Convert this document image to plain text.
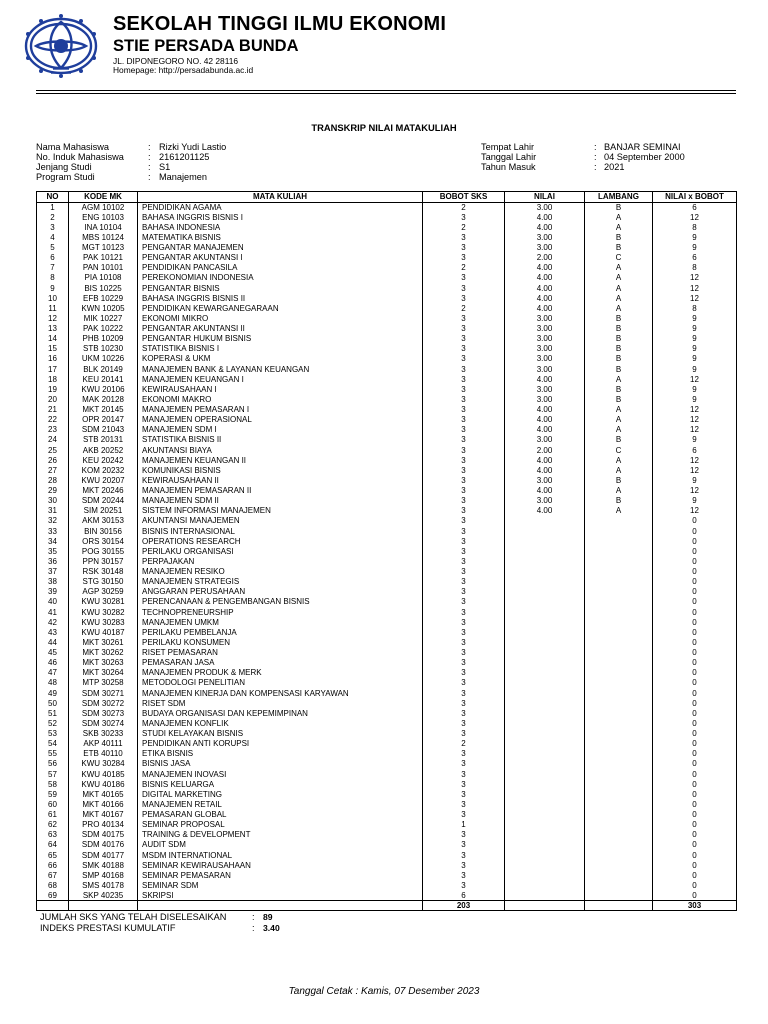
SEKOLAH TINGGI ILMU EKONOMI
STIE PERSADA BUNDA
JL. DIPONEGORO NO. 42 28116
Homepage: http://persadabunda.ac.id
TRANSKRIP NILAI MATAKULIAH
Nama Mahasiswa	: Rizki Yudi Lastio
No. Induk Mahasiswa	: 2161201125
Jenjang Studi	: S1
Program Studi	: Manajemen
Tempat Lahir	: BANJAR SEMINAI
Tanggal Lahir	: 04 September 2000
Tahun Masuk	: 2021
NO	KODE MK	MATA KULIAH	BOBOT SKS	NILAI	LAMBANG	NILAI x BOBOT
1	AGM 10102	PENDIDIKAN AGAMA	2	3.00	B	6
2	ENG 10103	BAHASA INGGRIS BISNIS I	3	4.00	A	12
3	INA 10104	BAHASA INDONESIA	2	4.00	A	8
4	MBS 10124	MATEMATIKA BISNIS	3	3.00	B	9
5	MGT 10123	PENGANTAR MANAJEMEN	3	3.00	B	9
6	PAK 10121	PENGANTAR AKUNTANSI I	3	2.00	C	6
7	PAN 10101	PENDIDIKAN PANCASILA	2	4.00	A	8
8	PIA 10108	PEREKONOMIAN INDONESIA	3	4.00	A	12
9	BIS 10225	PENGANTAR BISNIS	3	4.00	A	12
10	EFB 10229	BAHASA INGGRIS BISNIS II	3	4.00	A	12
11	KWN 10205	PENDIDIKAN KEWARGANEGARAAN	2	4.00	A	8
12	MIK 10227	EKONOMI MIKRO	3	3.00	B	9
13	PAK 10222	PENGANTAR AKUNTANSI II	3	3.00	B	9
14	PHB 10209	PENGANTAR HUKUM BISNIS	3	3.00	B	9
15	STB 10230	STATISTIKA BISNIS I	3	3.00	B	9
16	UKM 10226	KOPERASI & UKM	3	3.00	B	9
17	BLK 20149	MANAJEMEN BANK & LAYANAN KEUANGAN	3	3.00	B	9
18	KEU 20141	MANAJEMEN KEUANGAN I	3	4.00	A	12
19	KWU 20106	KEWIRAUSAHAAN I	3	3.00	B	9
20	MAK 20128	EKONOMI MAKRO	3	3.00	B	9
21	MKT 20145	MANAJEMEN PEMASARAN I	3	4.00	A	12
22	OPR 20147	MANAJEMEN OPERASIONAL	3	4.00	A	12
23	SDM 21043	MANAJEMEN SDM I	3	4.00	A	12
24	STB 20131	STATISTIKA BISNIS II	3	3.00	B	9
25	AKB 20252	AKUNTANSI BIAYA	3	2.00	C	6
26	KEU 20242	MANAJEMEN KEUANGAN II	3	4.00	A	12
27	KOM 20232	KOMUNIKASI BISNIS	3	4.00	A	12
28	KWU 20207	KEWIRAUSAHAAN II	3	3.00	B	9
29	MKT 20246	MANAJEMEN PEMASARAN II	3	4.00	A	12
30	SDM 20244	MANAJEMEN SDM II	3	3.00	B	9
31	SIM 20251	SISTEM INFORMASI MANAJEMEN	3	4.00	A	12
32	AKM 30153	AKUNTANSI MANAJEMEN	3			0
33	BIN 30156	BISNIS INTERNASIONAL	3			0
34	ORS 30154	OPERATIONS RESEARCH	3			0
35	POG 30155	PERILAKU ORGANISASI	3			0
36	PPN 30157	PERPAJAKAN	3			0
37	RSK 30148	MANAJEMEN RESIKO	3			0
38	STG 30150	MANAJEMEN STRATEGIS	3			0
39	AGP 30259	ANGGARAN PERUSAHAAN	3			0
40	KWU 30281	PERENCANAAN & PENGEMBANGAN BISNIS	3			0
41	KWU 30282	TECHNOPRENEURSHIP	3			0
42	KWU 30283	MANAJEMEN UMKM	3			0
43	KWU 40187	PERILAKU PEMBELANJA	3			0
44	MKT 30261	PERILAKU KONSUMEN	3			0
45	MKT 30262	RISET PEMASARAN	3			0
46	MKT 30263	PEMASARAN JASA	3			0
47	MKT 30264	MANAJEMEN PRODUK & MERK	3			0
48	MTP 30258	METODOLOGI PENELITIAN	3			0
49	SDM 30271	MANAJEMEN KINERJA DAN KOMPENSASI KARYAWAN	3			0
50	SDM 30272	RISET SDM	3			0
51	SDM 30273	BUDAYA ORGANISASI DAN KEPEMIMPINAN	3			0
52	SDM 30274	MANAJEMEN KONFLIK	3			0
53	SKB 30233	STUDI KELAYAKAN BISNIS	3			0
54	AKP 40111	PENDIDIKAN ANTI KORUPSI	2			0
55	ETB 40110	ETIKA BISNIS	3			0
56	KWU 30284	BISNIS JASA	3			0
57	KWU 40185	MANAJEMEN INOVASI	3			0
58	KWU 40186	BISNIS KELUARGA	3			0
59	MKT 40165	DIGITAL MARKETING	3			0
60	MKT 40166	MANAJEMEN RETAIL	3			0
61	MKT 40167	PEMASARAN GLOBAL	3			0
62	PRO 40134	SEMINAR PROPOSAL	1			0
63	SDM 40175	TRAINING & DEVELOPMENT	3			0
64	SDM 40176	AUDIT SDM	3			0
65	SDM 40177	MSDM INTERNATIONAL	3			0
66	SMK 40188	SEMINAR KEWIRAUSAHAAN	3			0
67	SMP 40168	SEMINAR PEMASARAN	3			0
68	SMS 40178	SEMINAR SDM	3			0
69	SKP 40235	SKRIPSI	6			0
			203			303
JUMLAH SKS YANG TELAH DISELESAIKAN	: 89
INDEKS PRESTASI KUMULATIF	: 3.40
Tanggal Cetak : Kamis, 07 Desember 2023
